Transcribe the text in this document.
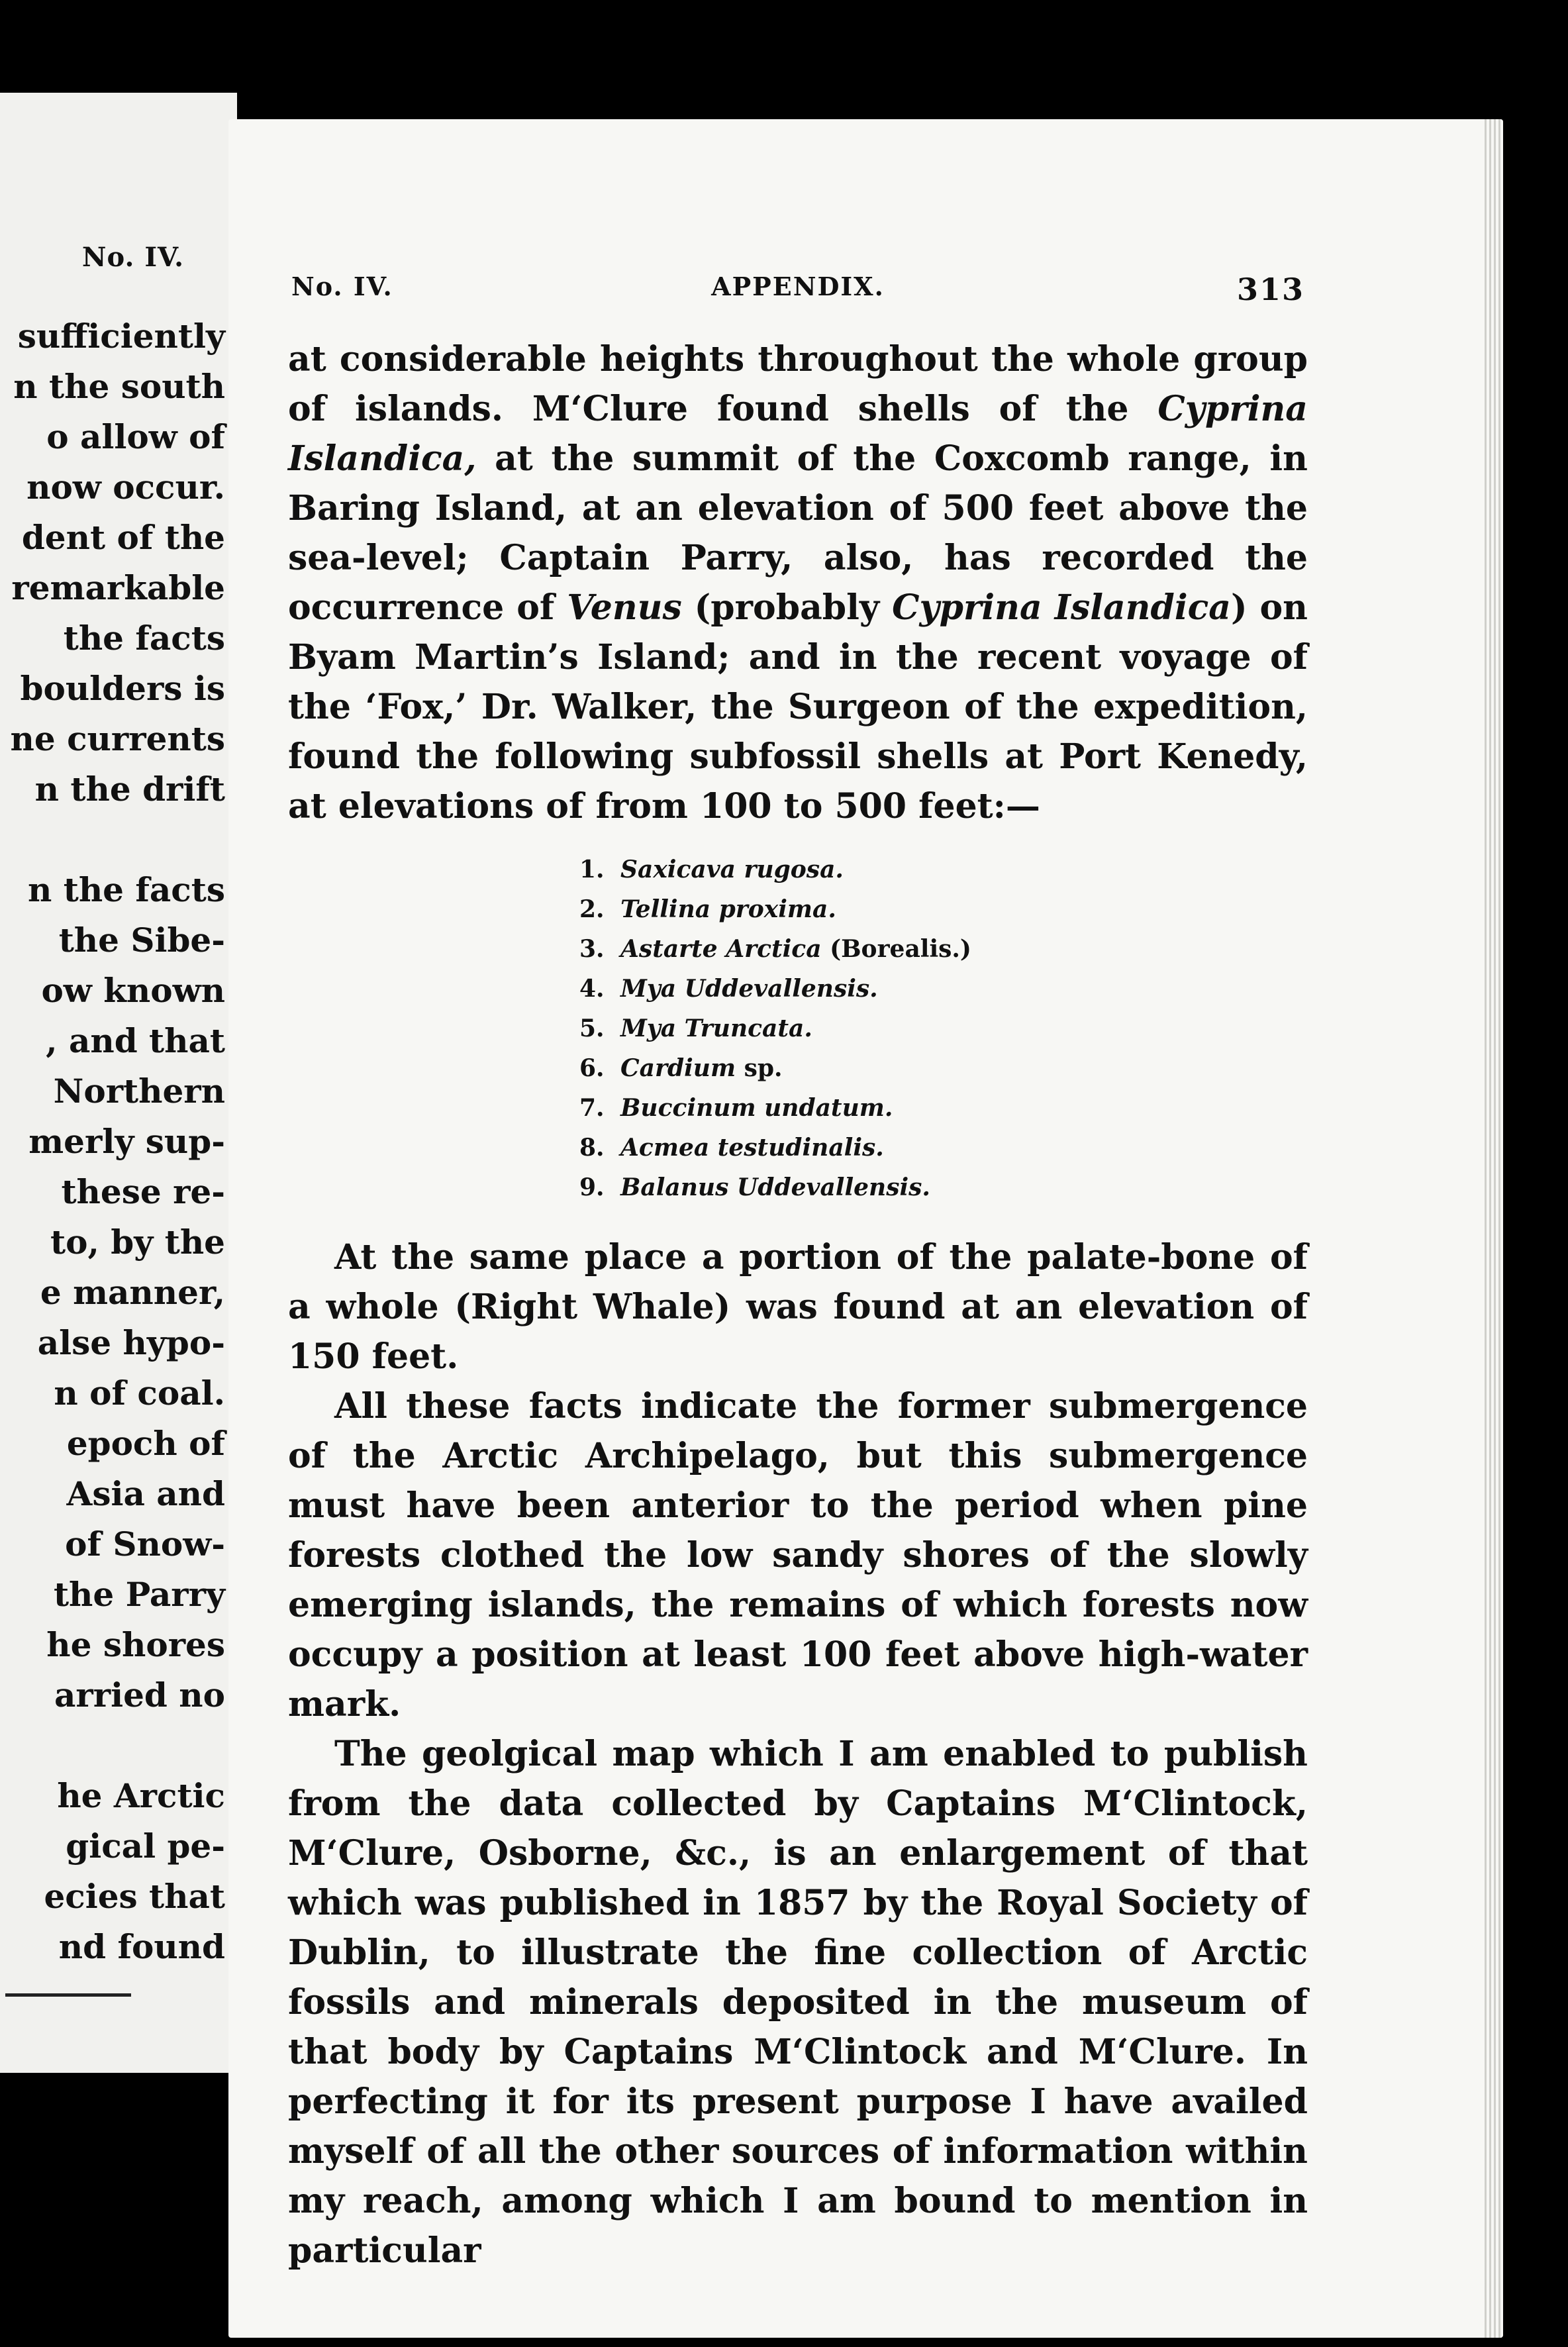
No. IV.
sufficiently
n the south
o allow of
now occur.
dent of the
remarkable
the facts
boulders is
ne currents
n the drift
n the facts
the Sibe-
ow known
, and that
Northern
merly sup-
these re-
to, by the
e manner,
alse hypo-
n of coal.
epoch of
Asia and
of Snow-
the Parry
he shores
arried no
he Arctic
gical pe-
ecies that
nd found
No. IV.	APPENDIX.	313

at considerable heights throughout the whole group of islands. M‘Clure found shells of the Cyprina Islandica, at the summit of the Coxcomb range, in Baring Island, at an elevation of 500 feet above the sea-level; Captain Parry, also, has recorded the occurrence of Venus (probably Cyprina Islandica) on Byam Martin’s Island; and in the recent voyage of the ‘Fox,’ Dr. Walker, the Surgeon of the expedition, found the following subfossil shells at Port Kenedy, at elevations of from 100 to 500 feet:—

1. Saxicava rugosa.
2. Tellina proxima.
3. Astarte Arctica (Borealis.)
4. Mya Uddevallensis.
5. Mya Truncata.
6. Cardium sp.
7. Buccinum undatum.
8. Acmea testudinalis.
9. Balanus Uddevallensis.

At the same place a portion of the palate-bone of a whole (Right Whale) was found at an elevation of 150 feet.

All these facts indicate the former submergence of the Arctic Archipelago, but this submergence must have been anterior to the period when pine forests clothed the low sandy shores of the slowly emerging islands, the remains of which forests now occupy a position at least 100 feet above high-water mark.

The geolgical map which I am enabled to publish from the data collected by Captains M‘Clintock, M‘Clure, Osborne, &c., is an enlargement of that which was published in 1857 by the Royal Society of Dublin, to illustrate the fine collection of Arctic fossils and minerals deposited in the museum of that body by Captains M‘Clintock and M‘Clure. In perfecting it for its present purpose I have availed myself of all the other sources of information within my reach, among which I am bound to mention in particular
